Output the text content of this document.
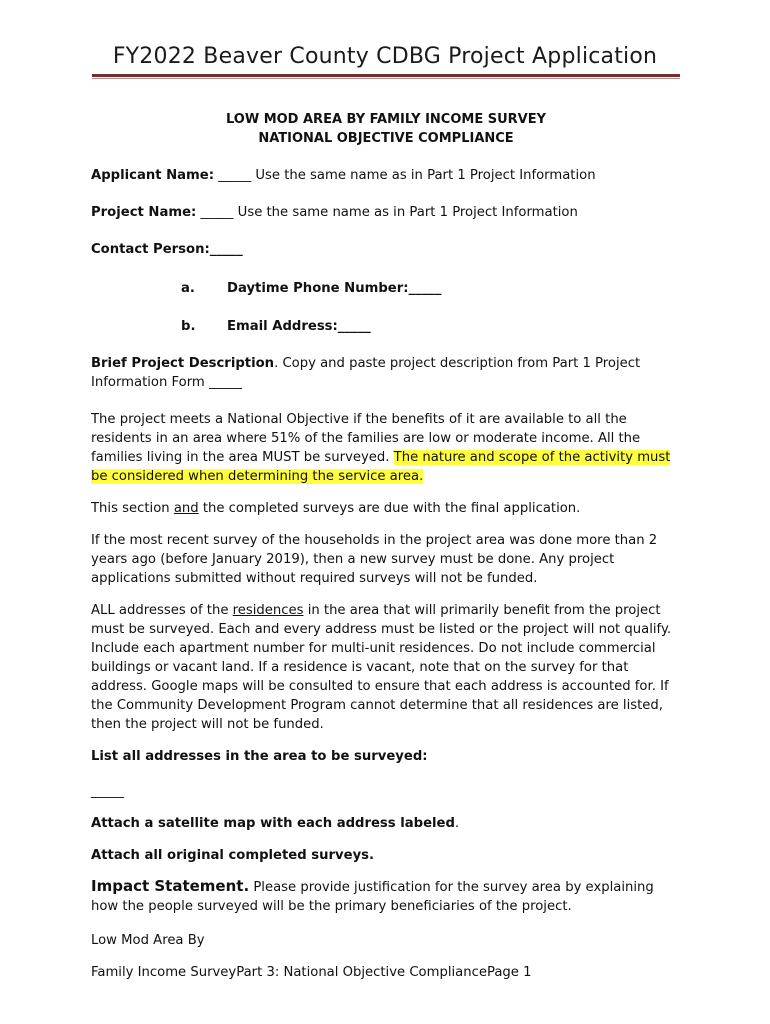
FY2022 Beaver County CDBG Project Application
LOW MOD AREA BY FAMILY INCOME SURVEY
NATIONAL OBJECTIVE COMPLIANCE

Applicant Name: _____ Use the same name as in Part 1 Project Information

Project Name: _____ Use the same name as in Part 1 Project Information

Contact Person:_____

a.	Daytime Phone Number:_____
b.	Email Address:_____

Brief Project Description. Copy and paste project description from Part 1 Project Information Form _____

The project meets a National Objective if the benefits of it are available to all the residents in an area where 51% of the families are low or moderate income. All the families living in the area MUST be surveyed. The nature and scope of the activity must be considered when determining the service area.

This section and the completed surveys are due with the final application.

If the most recent survey of the households in the project area was done more than 2 years ago (before January 2019), then a new survey must be done. Any project applications submitted without required surveys will not be funded.

ALL addresses of the residences in the area that will primarily benefit from the project must be surveyed. Each and every address must be listed or the project will not qualify. Include each apartment number for multi-unit residences. Do not include commercial buildings or vacant land. If a residence is vacant, note that on the survey for that address. Google maps will be consulted to ensure that each address is accounted for. If the Community Development Program cannot determine that all residences are listed, then the project will not be funded.

List all addresses in the area to be surveyed:

_____

Attach a satellite map with each address labeled.

Attach all original completed surveys.

Impact Statement. Please provide justification for the survey area by explaining how the people surveyed will be the primary beneficiaries of the project.

Low Mod Area By

Family Income SurveyPart 3: National Objective CompliancePage 1
